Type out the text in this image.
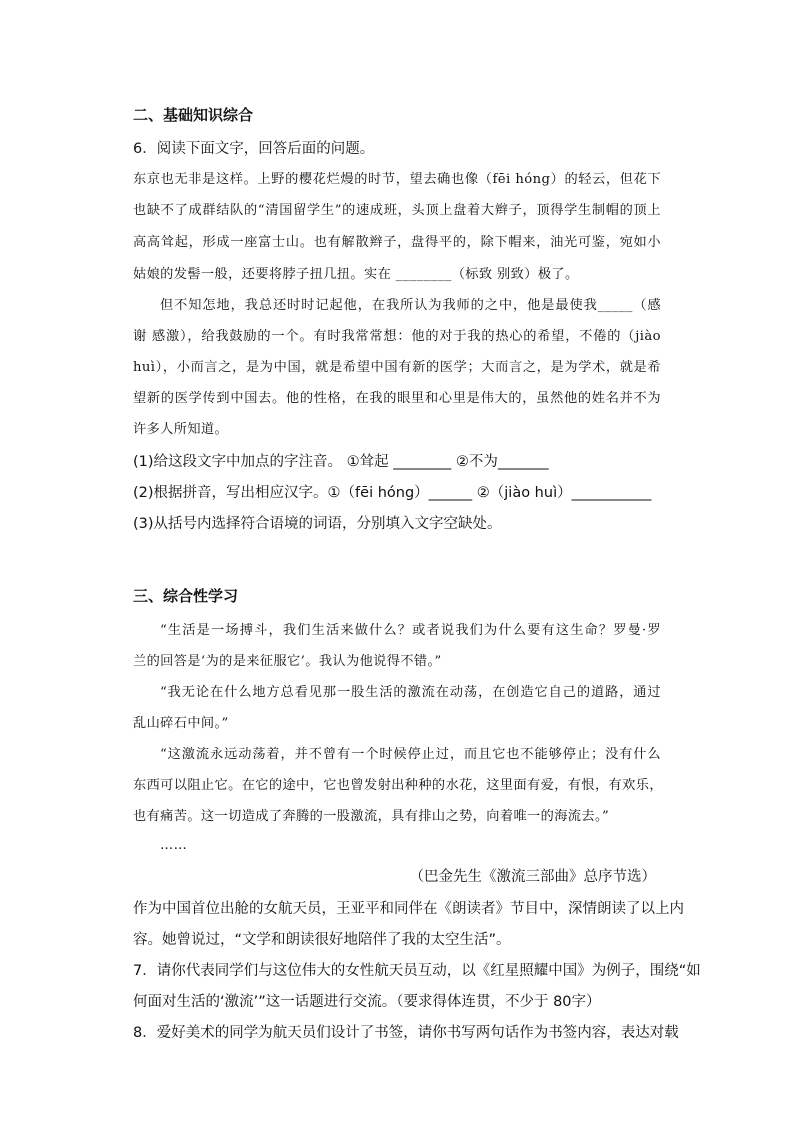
二、基础知识综合
6．阅读下面文字，回答后面的问题。
东京也无非是这样。上野的樱花烂熳的时节，望去确也像（fēi hóng）的轻云，但花下
也缺不了成群结队的“清国留学生”的速成班，头顶上盘着大辫子，顶得学生制帽的顶上
高高耸起，形成一座富士山。也有解散辫子，盘得平的，除下帽来，油光可鉴，宛如小
姑娘的发髻一般，还要将脖子扭几扭。实在 ________（标致 别致）极了。
但不知怎地，我总还时时记起他，在我所认为我师的之中，他是最使我_____（感
谢 感激），给我鼓励的一个。有时我常常想：他的对于我的热心的希望，不倦的（jiào
huì），小而言之，是为中国，就是希望中国有新的医学；大而言之，是为学术，就是希
望新的医学传到中国去。他的性格，在我的眼里和心里是伟大的，虽然他的姓名并不为
许多人所知道。
(1)给这段文字中加点的字注音。 ①耸起 ________ ②不为_______
(2)根据拼音，写出相应汉字。①（fēi hóng）______ ②（jiào huì）___________
(3)从括号内选择符合语境的词语，分别填入文字空缺处。
三、综合性学习
“生活是一场搏斗，我们生活来做什么？或者说我们为什么要有这生命？罗曼·罗
兰的回答是‘为的是来征服它’。我认为他说得不错。”
“我无论在什么地方总看见那一股生活的激流在动荡，在创造它自己的道路，通过
乱山碎石中间。”
“这激流永远动荡着，并不曾有一个时候停止过，而且它也不能够停止；没有什么
东西可以阻止它。在它的途中，它也曾发射出种种的水花，这里面有爱，有恨，有欢乐，
也有痛苦。这一切造成了奔腾的一股激流，具有排山之势，向着唯一的海流去。”
……
（巴金先生《激流三部曲》总序节选）
作为中国首位出舱的女航天员，王亚平和同伴在《朗读者》节目中，深情朗读了以上内
容。她曾说过，“文学和朗读很好地陪伴了我的太空生活”。
7．请你代表同学们与这位伟大的女性航天员互动，以《红星照耀中国》为例子，围绕“如
何面对生活的‘激流’”这一话题进行交流。（要求得体连贯，不少于 80字）
8．爱好美术的同学为航天员们设计了书签，请你书写两句话作为书签内容，表达对载
